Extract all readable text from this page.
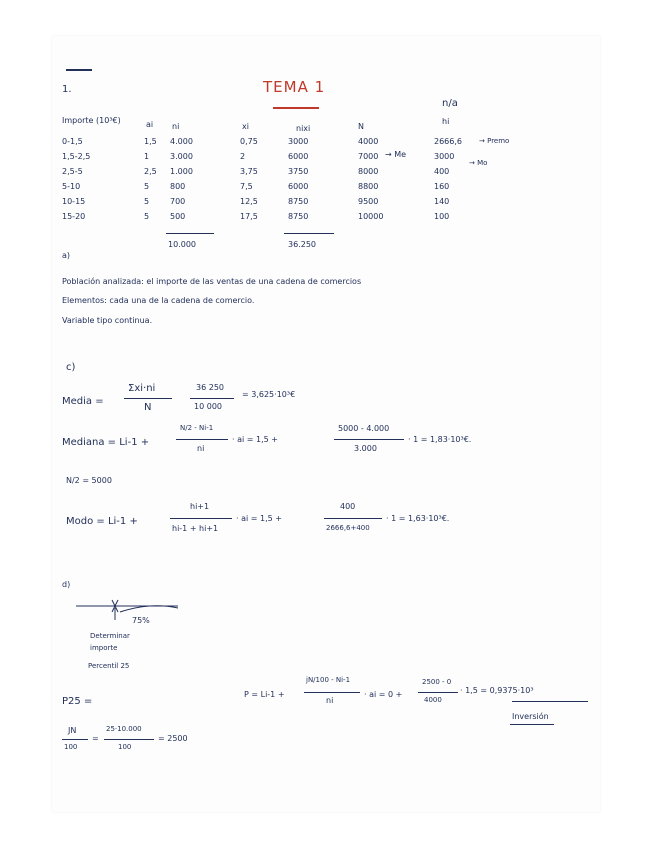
1.	TEMA 1
n/a
hi
Importe (10³€)	ai ni	xi	nixi	N
0-1,5	1,5 4.000	0,75	3000	4000	2666,6
1,5-2,5	1	3.000	2	6000	7000	3000
2,5-5	2,5 1.000	3,75	3750	8000	400
5-10	5	800	7,5	6000	8800	160
10-15	5	700	12,5	8750	9500	140
15-20	5	500	17,5	8750	10000	100
→ Me
→ Premo
→ Mo
10.000	36.250
a)
Población analizada: el importe de las ventas de una cadena de comercios
Elementos: cada una de la cadena de comercio.
Variable tipo continua.
c)
Media =
Σxi·ni
N
36 250
10 000
= 3,625·10³€
Mediana = Li-1 +
N/2 - Ni-1
ni
· ai = 1,5 +
5000 - 4.000
3.000
· 1 = 1,83·10³€.
N/2 = 5000
Modo = Li-1 +
hi+1
hi-1 + hi+1
· ai = 1,5 +
400
2666,6+400
· 1 = 1,63·10³€.
d)
75%
Determinar
importe
Percentil 25
P25 =
P = Li-1 +
jN/100 - Ni-1
ni
· ai = 0 +
2500 - 0
4000
· 1,5 = 0,9375·10³
Inversión
JN
100
=
25·10.000
100
= 2500
